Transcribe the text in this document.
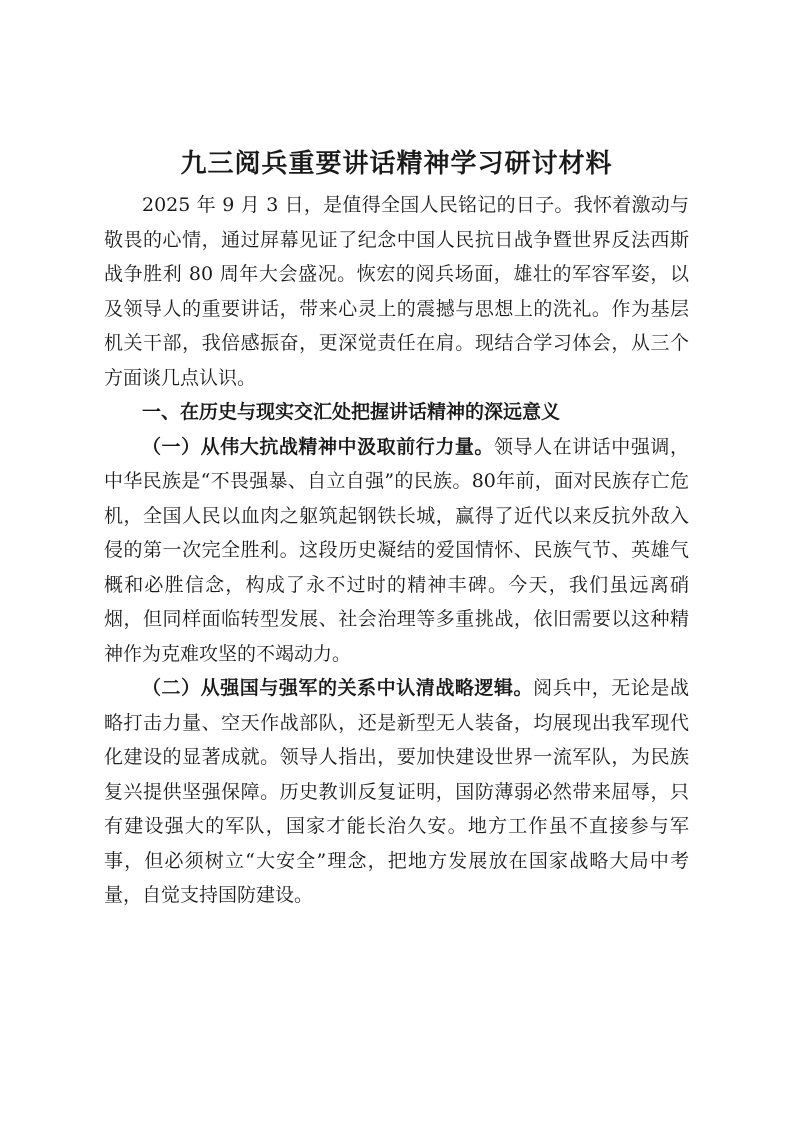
九三阅兵重要讲话精神学习研讨材料

2025 年 9 月 3 日，是值得全国人民铭记的日子。我怀着激动与敬畏的心情，通过屏幕见证了纪念中国人民抗日战争暨世界反法西斯战争胜利 80 周年大会盛况。恢宏的阅兵场面，雄壮的军容军姿，以及领导人的重要讲话，带来心灵上的震撼与思想上的洗礼。作为基层机关干部，我倍感振奋，更深觉责任在肩。现结合学习体会，从三个方面谈几点认识。

一、在历史与现实交汇处把握讲话精神的深远意义

（一）从伟大抗战精神中汲取前行力量。领导人在讲话中强调，中华民族是“不畏强暴、自立自强”的民族。80年前，面对民族存亡危机，全国人民以血肉之躯筑起钢铁长城，赢得了近代以来反抗外敌入侵的第一次完全胜利。这段历史凝结的爱国情怀、民族气节、英雄气概和必胜信念，构成了永不过时的精神丰碑。今天，我们虽远离硝烟，但同样面临转型发展、社会治理等多重挑战，依旧需要以这种精神作为克难攻坚的不竭动力。

（二）从强国与强军的关系中认清战略逻辑。阅兵中，无论是战略打击力量、空天作战部队，还是新型无人装备，均展现出我军现代化建设的显著成就。领导人指出，要加快建设世界一流军队，为民族复兴提供坚强保障。历史教训反复证明，国防薄弱必然带来屈辱，只有建设强大的军队，国家才能长治久安。地方工作虽不直接参与军事，但必须树立“大安全”理念，把地方发展放在国家战略大局中考量，自觉支持国防建设。
